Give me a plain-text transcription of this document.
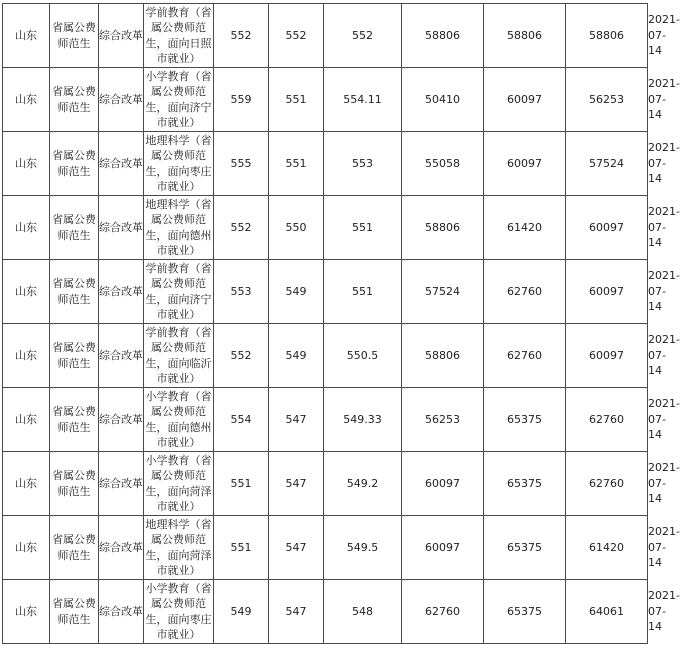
山东	省属公费师范生	综合改革	学前教育（省属公费师范生，面向日照市就业）	552	552	552	58806	58806	58806	2021-07-14
山东	省属公费师范生	综合改革	小学教育（省属公费师范生，面向济宁市就业）	559	551	554.11	50410	60097	56253	2021-07-14
山东	省属公费师范生	综合改革	地理科学（省属公费师范生，面向枣庄市就业）	555	551	553	55058	60097	57524	2021-07-14
山东	省属公费师范生	综合改革	地理科学（省属公费师范生，面向德州市就业）	552	550	551	58806	61420	60097	2021-07-14
山东	省属公费师范生	综合改革	学前教育（省属公费师范生，面向济宁市就业）	553	549	551	57524	62760	60097	2021-07-14
山东	省属公费师范生	综合改革	学前教育（省属公费师范生，面向临沂市就业）	552	549	550.5	58806	62760	60097	2021-07-14
山东	省属公费师范生	综合改革	小学教育（省属公费师范生，面向德州市就业）	554	547	549.33	56253	65375	62760	2021-07-14
山东	省属公费师范生	综合改革	小学教育（省属公费师范生，面向菏泽市就业）	551	547	549.2	60097	65375	62760	2021-07-14
山东	省属公费师范生	综合改革	地理科学（省属公费师范生，面向菏泽市就业）	551	547	549.5	60097	65375	61420	2021-07-14
山东	省属公费师范生	综合改革	小学教育（省属公费师范生，面向枣庄市就业）	549	547	548	62760	65375	64061	2021-07-14
